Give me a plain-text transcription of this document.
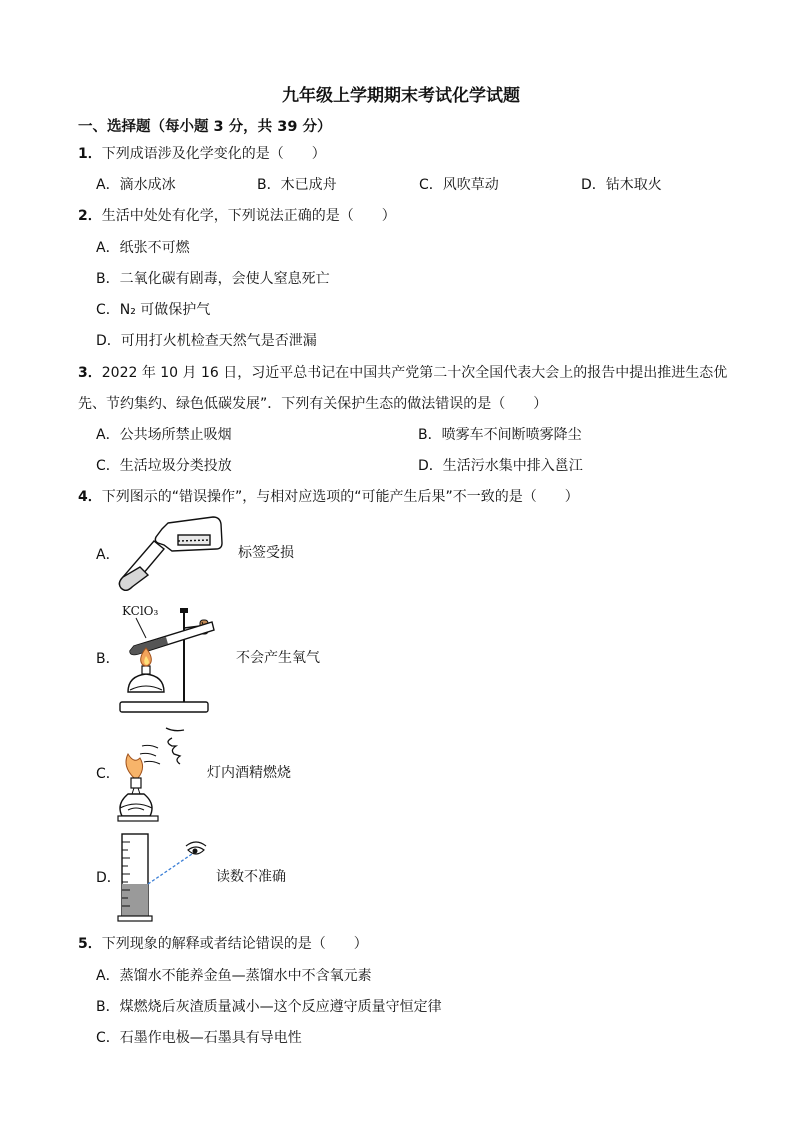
九年级上学期期末考试化学试题
一、选择题（每小题 3 分，共 39 分）
1．下列成语涉及化学变化的是（　　）
A．滴水成冰	B．木已成舟	C．风吹草动	D．钻木取火
2．生活中处处有化学，下列说法正确的是（　　）
A．纸张不可燃
B．二氧化碳有剧毒，会使人窒息死亡
C．N₂ 可做保护气
D．可用打火机检查天然气是否泄漏
3．2022 年 10 月 16 日，习近平总书记在中国共产党第二十次全国代表大会上的报告中提出推进生态优
先、节约集约、绿色低碳发展”．下列有关保护生态的做法错误的是（　　）
A．公共场所禁止吸烟	B．喷雾车不间断喷雾降尘
C．生活垃圾分类投放	D．生活污水集中排入邕江
4．下列图示的“错误操作”，与相对应选项的“可能产生后果”不一致的是（　　）
A．	标签受损
B．
KClO₃
不会产生氧气
C．	灯内酒精燃烧
D．	读数不准确
5．下列现象的解释或者结论错误的是（　　）
A．蒸馏水不能养金鱼—蒸馏水中不含氧元素
B．煤燃烧后灰渣质量减小—这个反应遵守质量守恒定律
C．石墨作电极—石墨具有导电性
